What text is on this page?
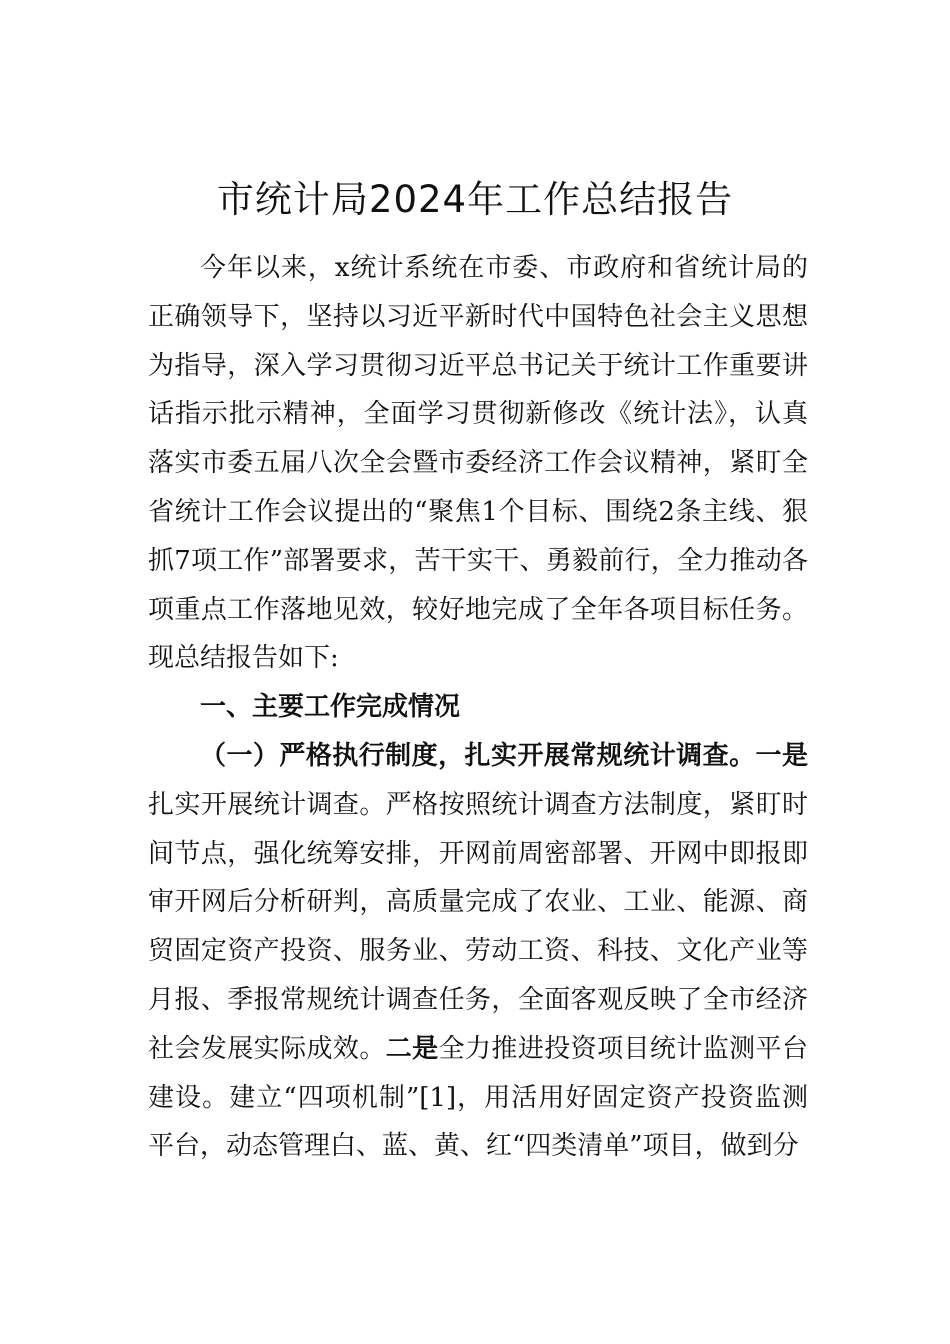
市统计局2024年工作总结报告

今年以来，x统计系统在市委、市政府和省统计局的正确领导下，坚持以习近平新时代中国特色社会主义思想为指导，深入学习贯彻习近平总书记关于统计工作重要讲话指示批示精神，全面学习贯彻新修改《统计法》，认真落实市委五届八次全会暨市委经济工作会议精神，紧盯全省统计工作会议提出的“聚焦1个目标、围绕2条主线、狠抓7项工作”部署要求，苦干实干、勇毅前行，全力推动各项重点工作落地见效，较好地完成了全年各项目标任务。现总结报告如下:

一、主要工作完成情况

（一）严格执行制度，扎实开展常规统计调查。一是扎实开展统计调查。严格按照统计调查方法制度，紧盯时间节点，强化统筹安排，开网前周密部署、开网中即报即审开网后分析研判，高质量完成了农业、工业、能源、商贸固定资产投资、服务业、劳动工资、科技、文化产业等月报、季报常规统计调查任务，全面客观反映了全市经济社会发展实际成效。二是全力推进投资项目统计监测平台建设。建立“四项机制”[1]，用活用好固定资产投资监测平台，动态管理白、蓝、黄、红“四类清单”项目，做到分
